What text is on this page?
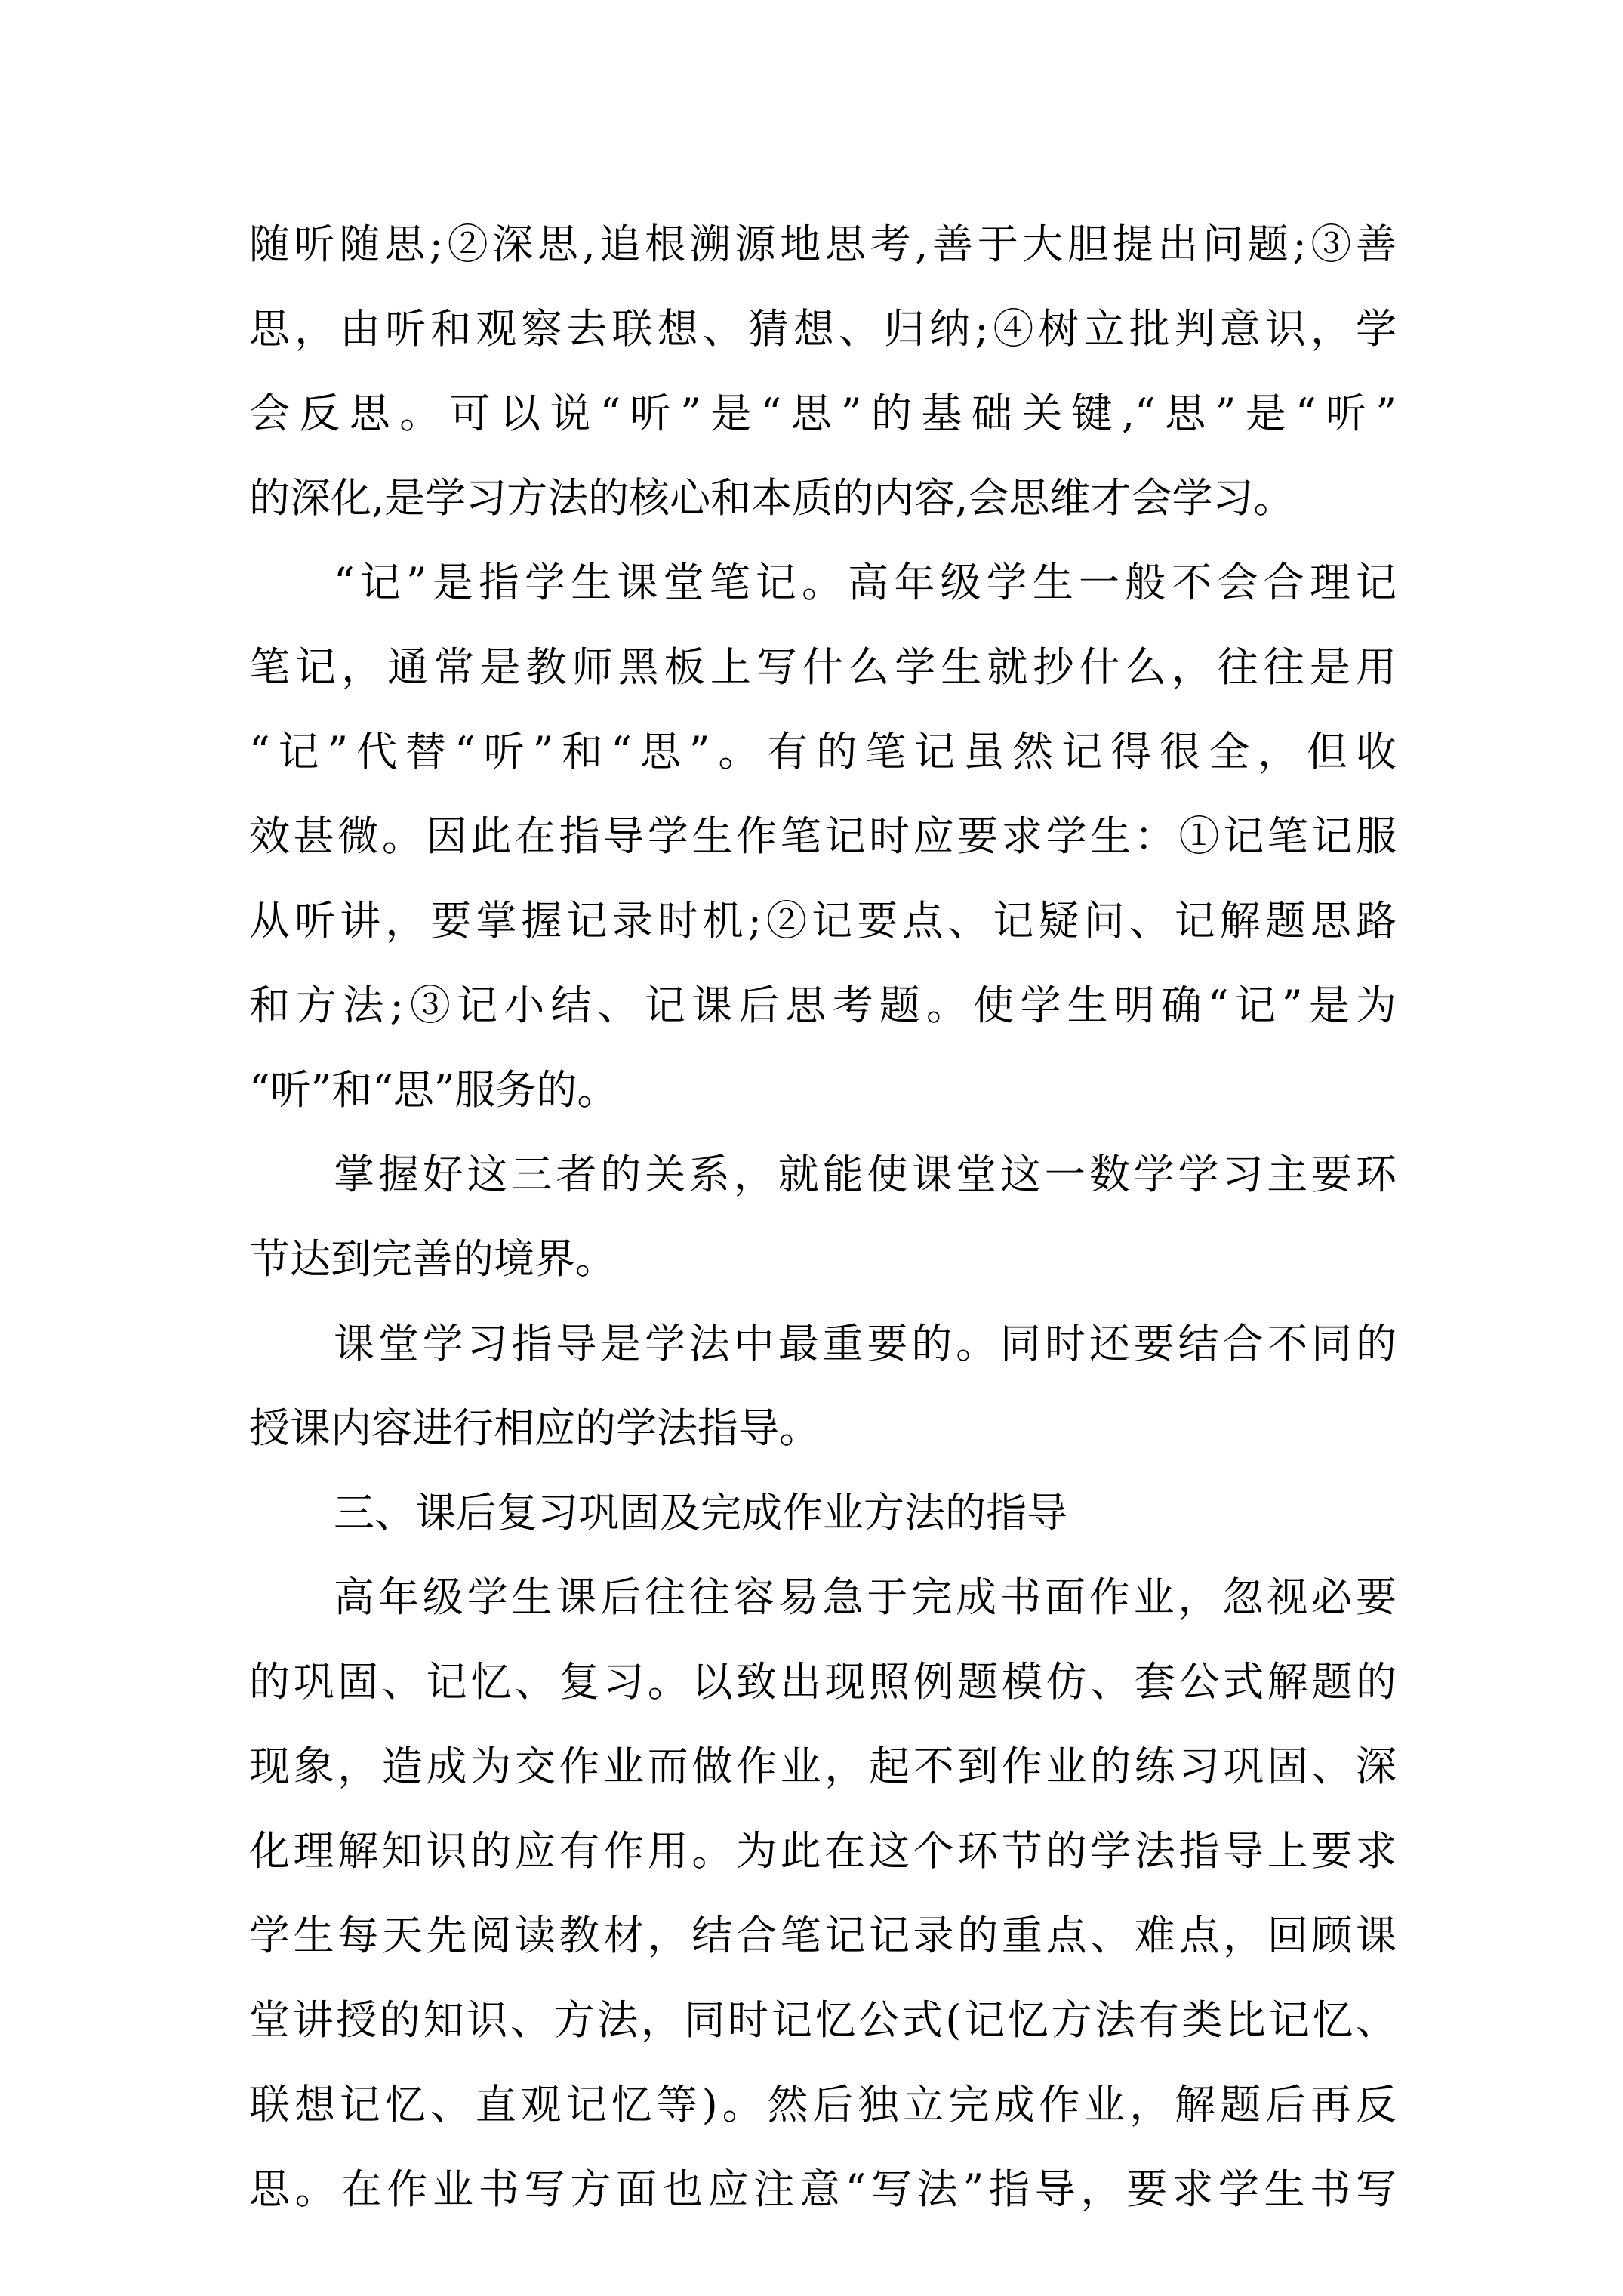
随听随思;②深思,追根溯源地思考,善于大胆提出问题;③善
思，由听和观察去联想、猜想、归纳;④树立批判意识，学
会反思。可以说“听”是“思”的基础关键,“思”是“听”
的深化,是学习方法的核心和本质的内容,会思维才会学习。
“记”是指学生课堂笔记。高年级学生一般不会合理记
笔记，通常是教师黑板上写什么学生就抄什么，往往是用
“记”代替“听”和“思”。有的笔记虽然记得很全，但收
效甚微。因此在指导学生作笔记时应要求学生：①记笔记服
从听讲，要掌握记录时机;②记要点、记疑问、记解题思路
和方法;③记小结、记课后思考题。使学生明确“记”是为
“听”和“思”服务的。
掌握好这三者的关系，就能使课堂这一数学学习主要环
节达到完善的境界。
课堂学习指导是学法中最重要的。同时还要结合不同的
授课内容进行相应的学法指导。
三、课后复习巩固及完成作业方法的指导
高年级学生课后往往容易急于完成书面作业，忽视必要
的巩固、记忆、复习。以致出现照例题模仿、套公式解题的
现象，造成为交作业而做作业，起不到作业的练习巩固、深
化理解知识的应有作用。为此在这个环节的学法指导上要求
学生每天先阅读教材，结合笔记记录的重点、难点，回顾课
堂讲授的知识、方法，同时记忆公式(记忆方法有类比记忆、
联想记忆、直观记忆等)。然后独立完成作业，解题后再反
思。在作业书写方面也应注意“写法”指导，要求学生书写
